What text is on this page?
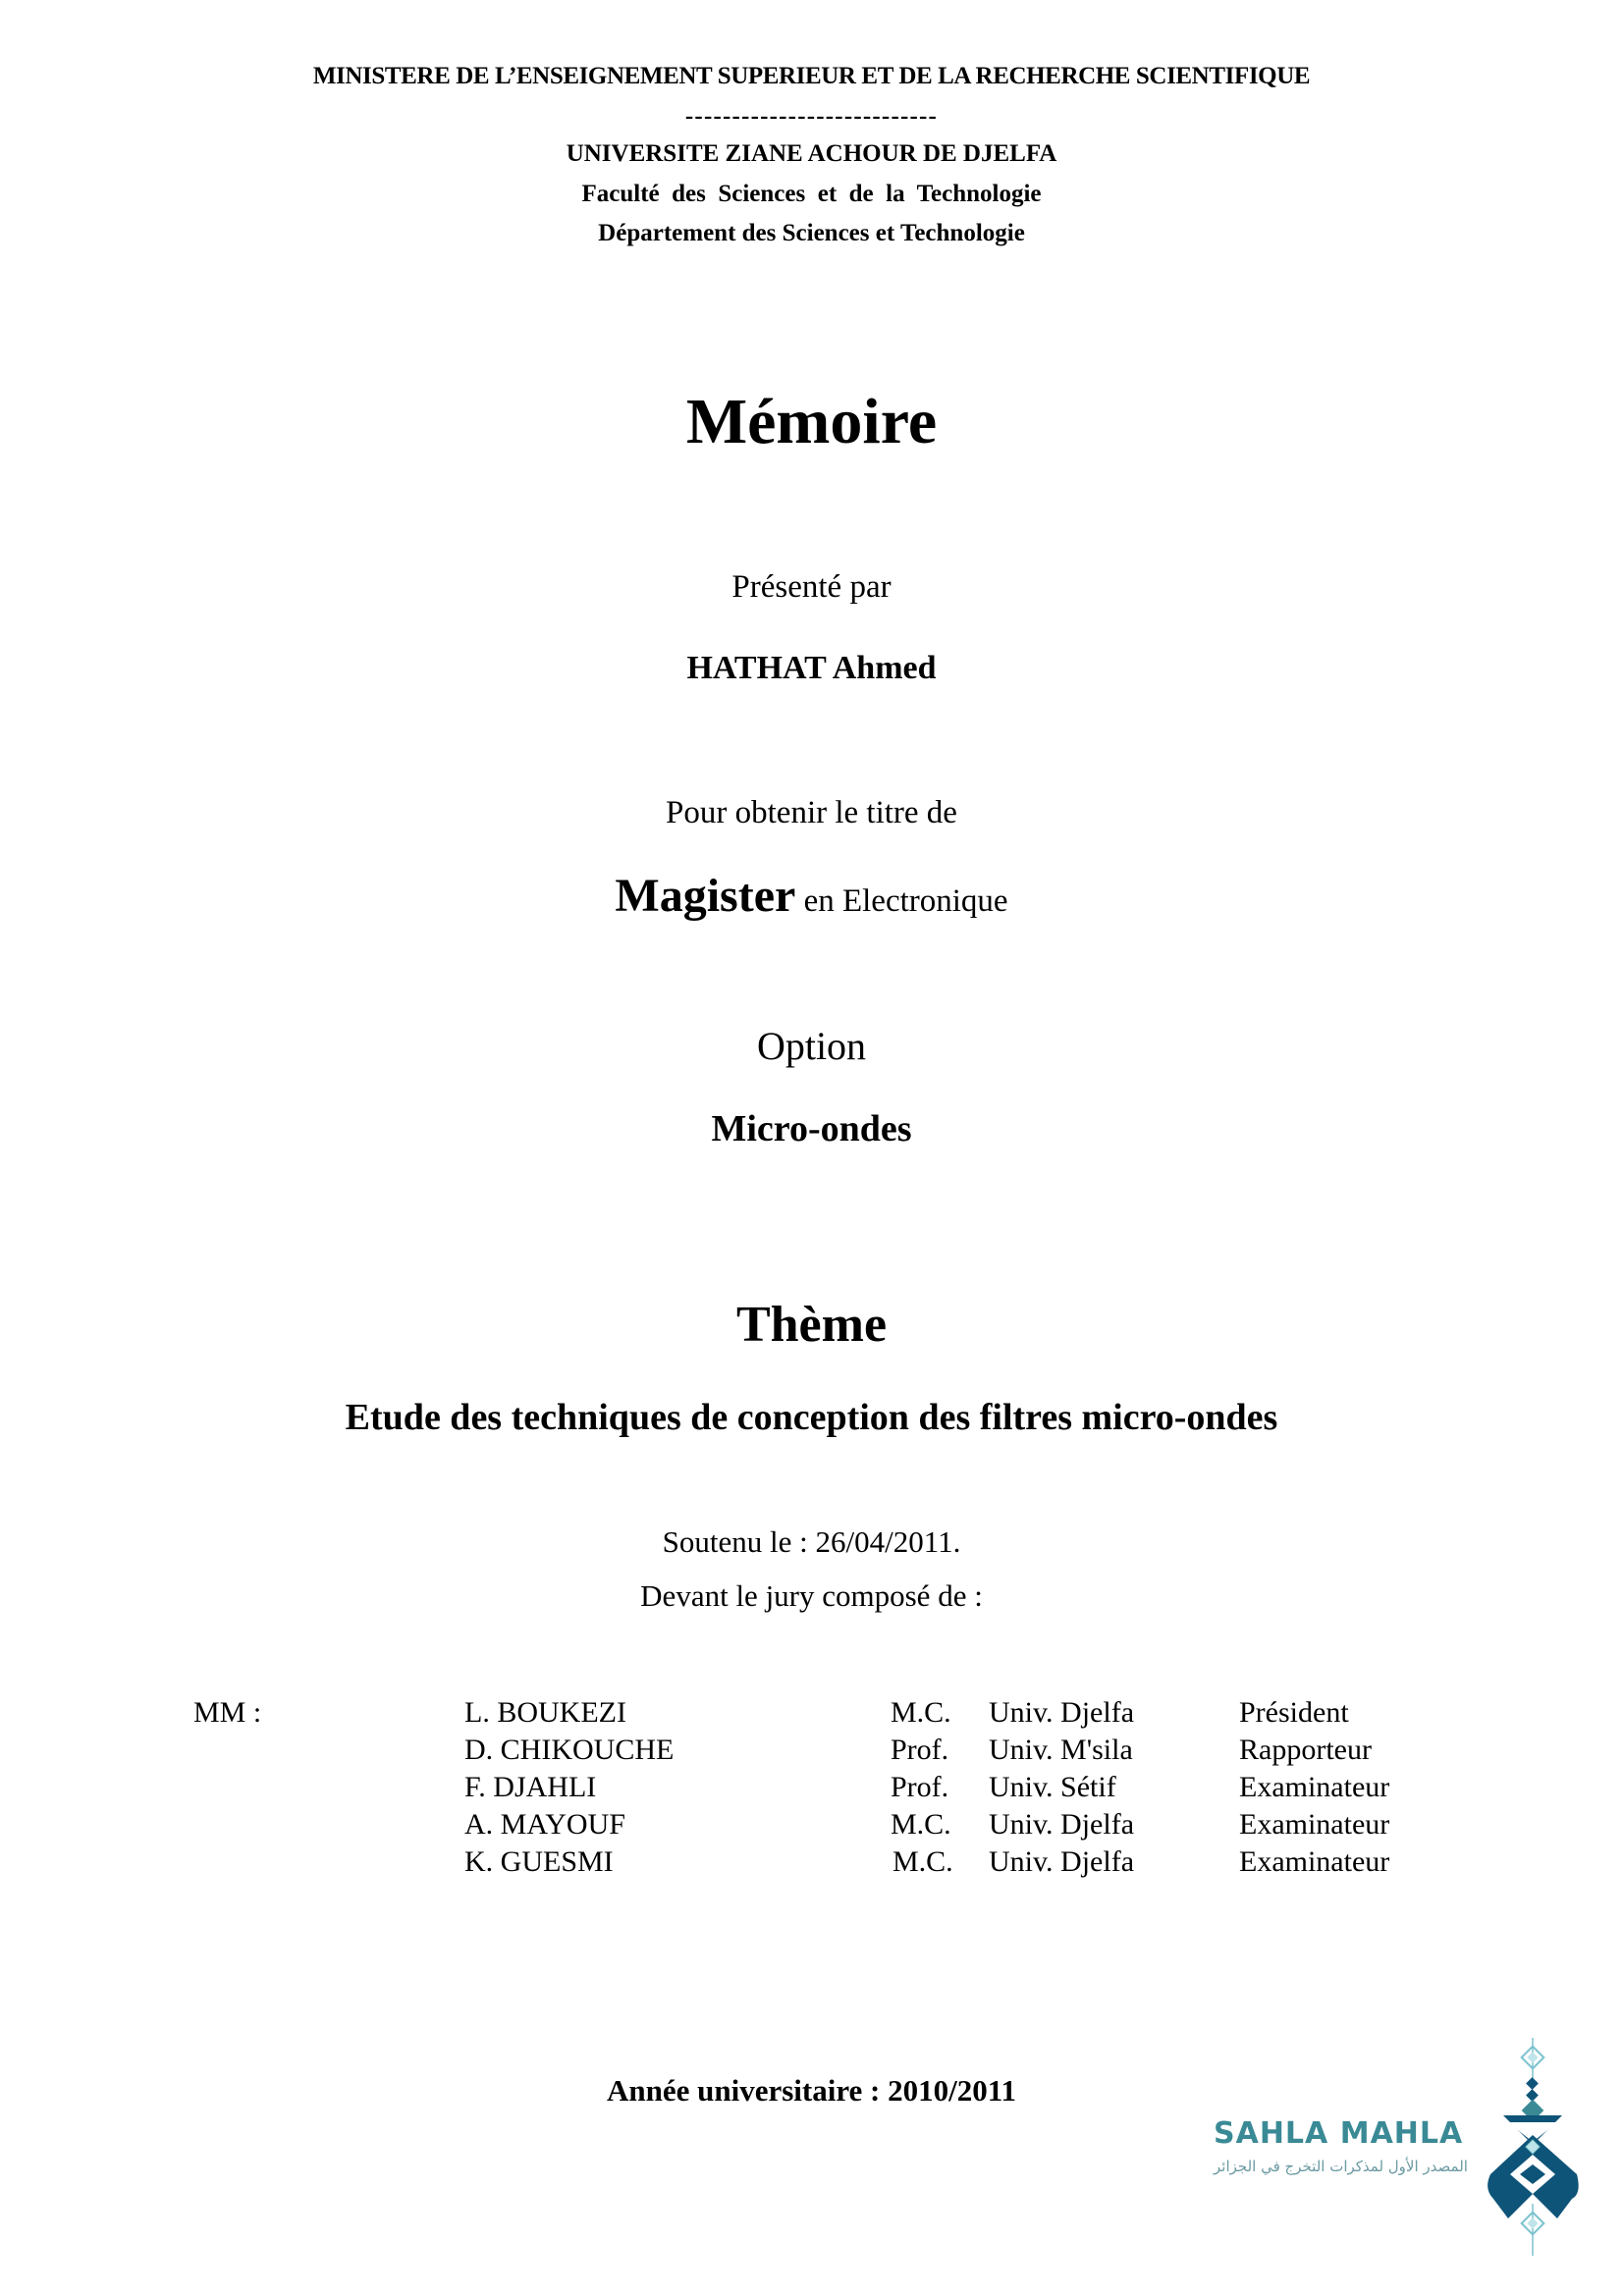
MINISTERE DE L’ENSEIGNEMENT SUPERIEUR ET DE LA RECHERCHE SCIENTIFIQUE
---------------------------
UNIVERSITE ZIANE ACHOUR DE DJELFA
Faculté  des  Sciences  et  de  la  Technologie
Département des Sciences et Technologie
Mémoire
Présenté par
HATHAT Ahmed
Pour obtenir le titre de
Magister en Electronique
Option
Micro-ondes
Thème
Etude des techniques de conception des filtres micro-ondes
Soutenu le : 26/04/2011.
Devant le jury composé de :
MM :	L. BOUKEZI	M.C. Univ. Djelfa	Président
D. CHIKOUCHE	Prof. Univ. M'sila	Rapporteur
F. DJAHLI	Prof. Univ. Sétif	Examinateur
A. MAYOUF	M.C. Univ. Djelfa	Examinateur
K. GUESMI	M.C. Univ. Djelfa	Examinateur
Année universitaire : 2010/2011
SAHLA MAHLA
المصدر الأول لمذكرات التخرج في الجزائر
